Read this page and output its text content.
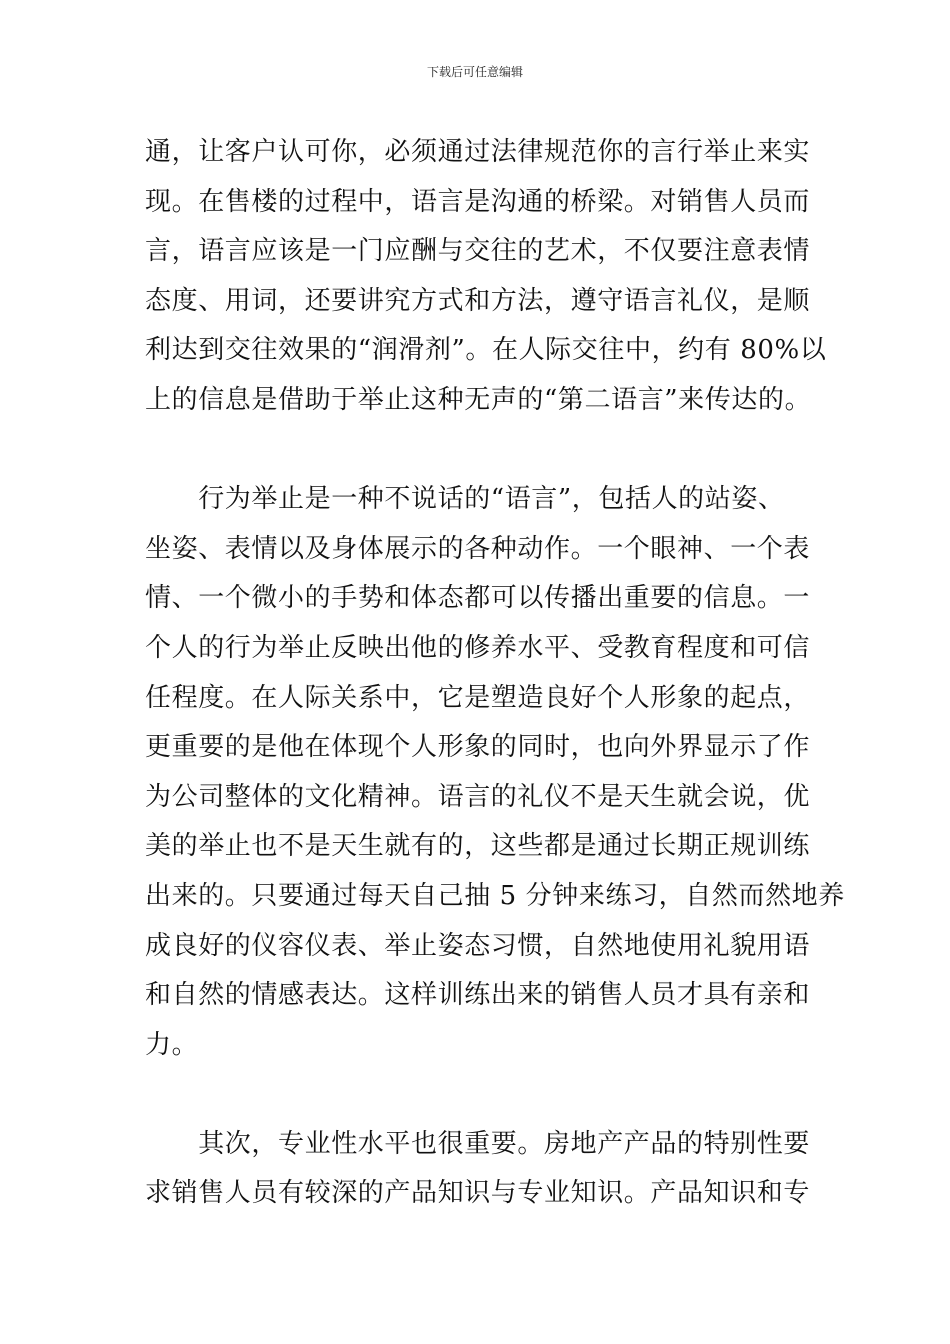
下载后可任意编辑

通，让客户认可你，必须通过法律规范你的言行举止来实
现。在售楼的过程中，语言是沟通的桥梁。对销售人员而
言，语言应该是一门应酬与交往的艺术，不仅要注意表情
态度、用词，还要讲究方式和方法，遵守语言礼仪，是顺
利达到交往效果的“润滑剂”。在人际交往中，约有 80%以
上的信息是借助于举止这种无声的“第二语言”来传达的。

　　行为举止是一种不说话的“语言”，包括人的站姿、
坐姿、表情以及身体展示的各种动作。一个眼神、一个表
情、一个微小的手势和体态都可以传播出重要的信息。一
个人的行为举止反映出他的修养水平、受教育程度和可信
任程度。在人际关系中，它是塑造良好个人形象的起点，
更重要的是他在体现个人形象的同时，也向外界显示了作
为公司整体的文化精神。语言的礼仪不是天生就会说，优
美的举止也不是天生就有的，这些都是通过长期正规训练
出来的。只要通过每天自己抽 5 分钟来练习，自然而然地养
成良好的仪容仪表、举止姿态习惯，自然地使用礼貌用语
和自然的情感表达。这样训练出来的销售人员才具有亲和
力。

　　其次，专业性水平也很重要。房地产产品的特别性要
求销售人员有较深的产品知识与专业知识。产品知识和专
